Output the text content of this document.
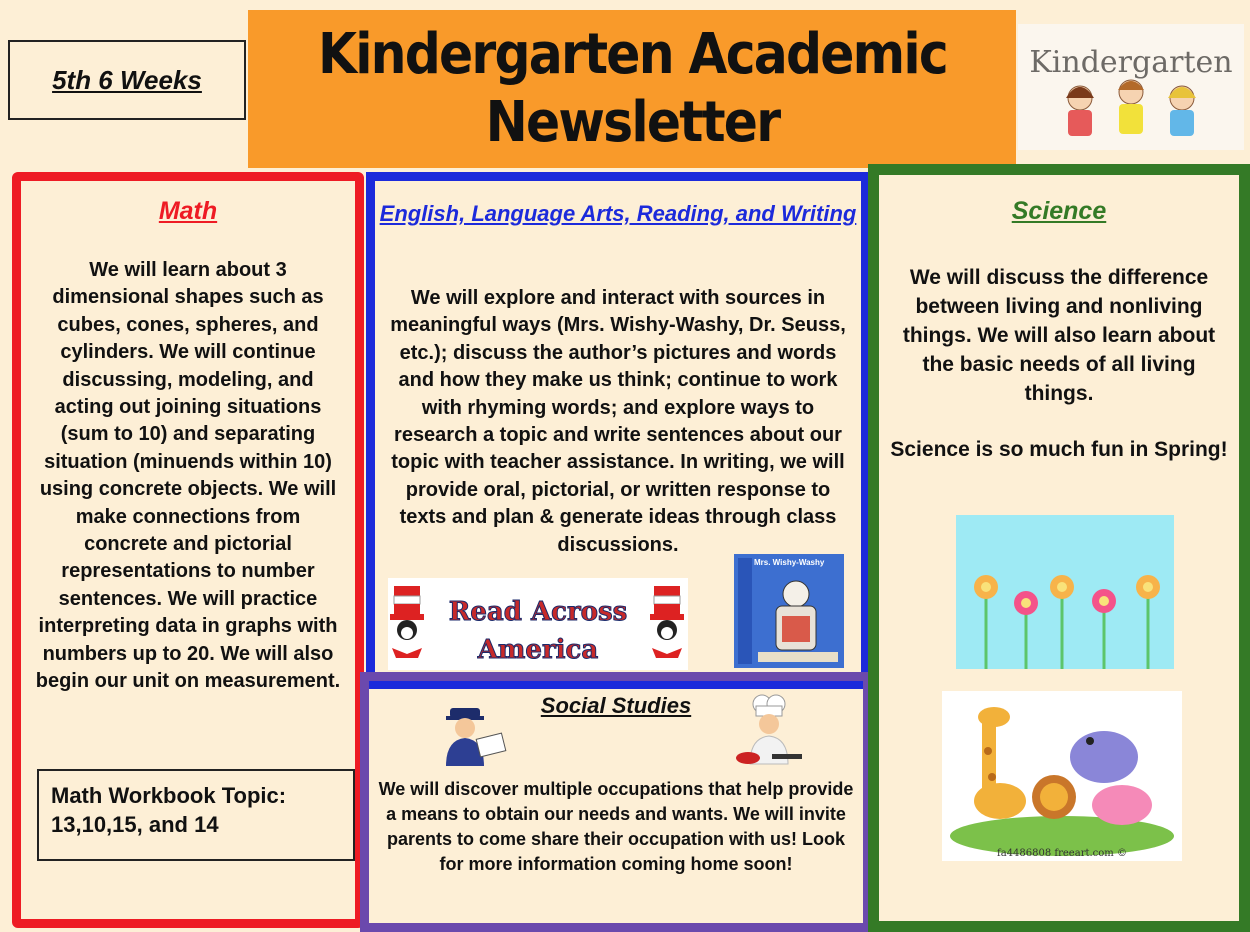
5th 6 Weeks	Kindergarten Academic
Newsletter
Kindergarten
Math
We will learn about 3 dimensional shapes such as cubes, cones, spheres, and cylinders. We will continue discussing, modeling, and acting out joining situations (sum to 10) and separating situation (minuends within 10) using concrete objects. We will make connections from concrete and pictorial representations to number sentences. We will practice interpreting data in graphs with numbers up to 20. We will also begin our unit on measurement.
Math Workbook Topic:
13,10,15, and 14
English, Language Arts, Reading, and Writing
We will explore and interact with sources in meaningful ways (Mrs. Wishy-Washy, Dr. Seuss, etc.); discuss the author’s pictures and words and how they make us think; continue to work with rhyming words; and explore ways to research a topic and write sentences about our topic with teacher assistance. In writing, we will provide oral, pictorial, or written response to texts and plan & generate ideas through class discussions.
Read Across
America
Mrs. Wishy-Washy
Social Studies
We will discover multiple occupations that help provide a means to obtain our needs and wants. We will invite parents to come share their occupation with us! Look for more information coming home soon!
Science
We will discuss the difference between living and nonliving things. We will also learn about the basic needs of all living things.
Science is so much fun in Spring!
fa4486808 freeart.com ©
